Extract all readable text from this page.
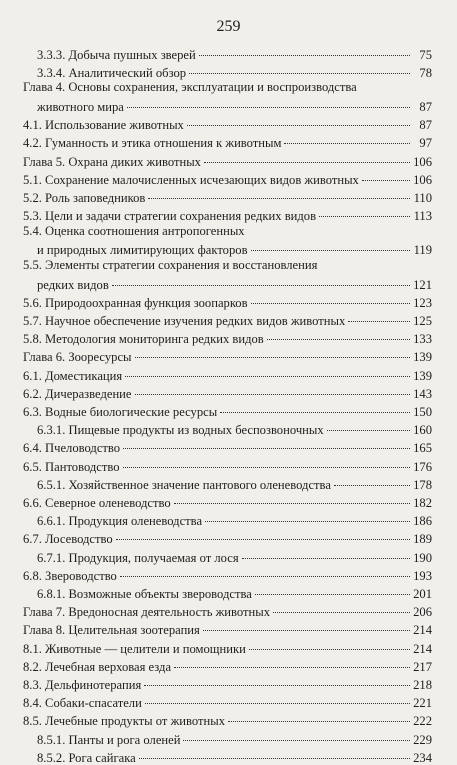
259
3.3.3. Добыча пушных зверей	75
3.3.4. Аналитический обзор	78
Глава 4. Основы сохранения, эксплуатации и воспроизводства
животного мира	87
4.1. Использование животных	87
4.2. Гуманность и этика отношения к животным	97
Глава 5. Охрана диких животных	106
5.1. Сохранение малочисленных исчезающих видов животных	106
5.2. Роль заповедников	110
5.3. Цели и задачи стратегии сохранения редких видов	113
5.4. Оценка соотношения антропогенных
и природных лимитирующих факторов	119
5.5. Элементы стратегии сохранения и восстановления
редких видов	121
5.6. Природоохранная функция зоопарков	123
5.7. Научное обеспечение изучения редких видов животных	125
5.8. Методология мониторинга редких видов	133
Глава 6. Зооресурсы	139
6.1. Доместикация	139
6.2. Дичеразведение	143
6.3. Водные биологические ресурсы	150
6.3.1. Пищевые продукты из водных беспозвоночных	160
6.4. Пчеловодство	165
6.5. Пантоводство	176
6.5.1. Хозяйственное значение пантового оленеводства	178
6.6. Северное оленеводство	182
6.6.1. Продукция оленеводства	186
6.7. Лосеводство	189
6.7.1. Продукция, получаемая от лося	190
6.8. Звероводство	193
6.8.1. Возможные объекты звероводства	201
Глава 7. Вредоносная деятельность животных	206
Глава 8. Целительная зоотерапия	214
8.1. Животные — целители и помощники	214
8.2. Лечебная верховая езда	217
8.3. Дельфинотерапия	218
8.4. Собаки-спасатели	221
8.5. Лечебные продукты от животных	222
8.5.1. Панты и рога оленей	229
8.5.2. Рога сайгака	234
